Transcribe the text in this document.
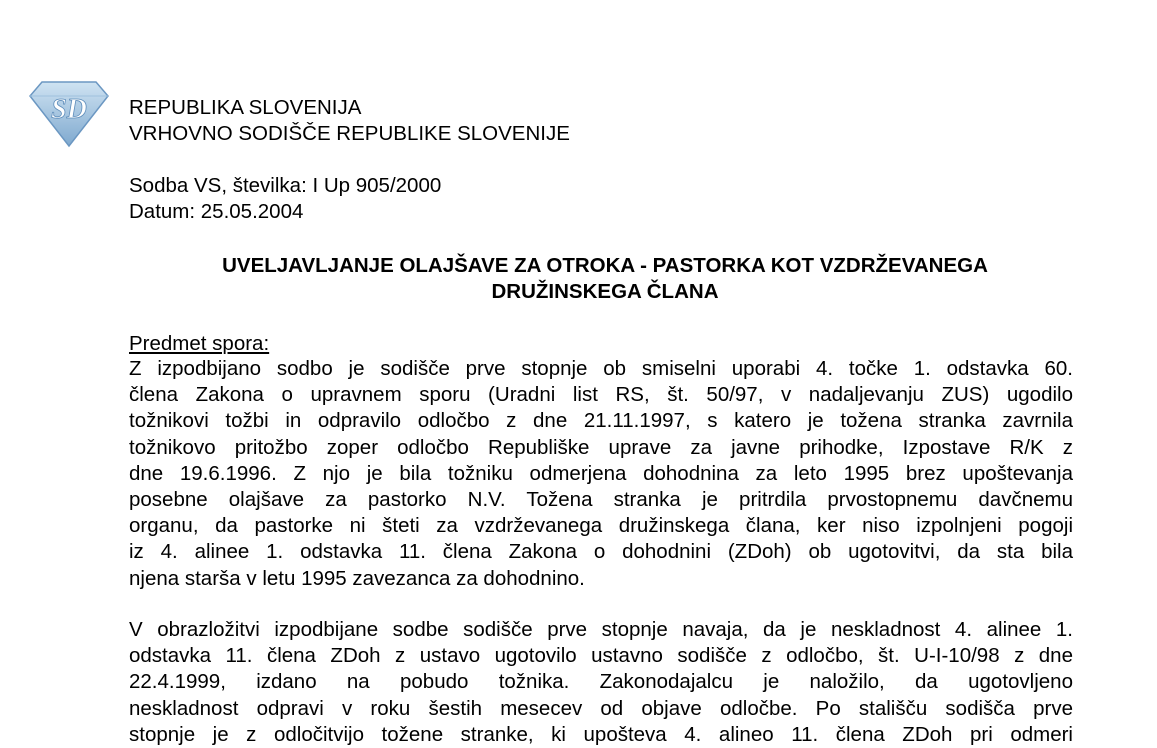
SD REPUBLIKA SLOVENIJA
VRHOVNO SODIŠČE REPUBLIKE SLOVENIJE
Sodba VS, številka: I Up 905/2000
Datum: 25.05.2004
UVELJAVLJANJE OLAJŠAVE ZA OTROKA - PASTORKA KOT VZDRŽEVANEGA
DRUŽINSKEGA ČLANA
Predmet spora:
Z izpodbijano sodbo je sodišče prve stopnje ob smiselni uporabi 4. točke 1. odstavka 60.
člena Zakona o upravnem sporu (Uradni list RS, št. 50/97, v nadaljevanju ZUS) ugodilo
tožnikovi tožbi in odpravilo odločbo z dne 21.11.1997, s katero je tožena stranka zavrnila
tožnikovo pritožbo zoper odločbo Republiške uprave za javne prihodke, Izpostave R/K z
dne 19.6.1996. Z njo je bila tožniku odmerjena dohodnina za leto 1995 brez upoštevanja
posebne olajšave za pastorko N.V. Tožena stranka je pritrdila prvostopnemu davčnemu
organu, da pastorke ni šteti za vzdrževanega družinskega člana, ker niso izpolnjeni pogoji
iz 4. alinee 1. odstavka 11. člena Zakona o dohodnini (ZDoh) ob ugotovitvi, da sta bila
njena starša v letu 1995 zavezanca za dohodnino.
V obrazložitvi izpodbijane sodbe sodišče prve stopnje navaja, da je neskladnost 4. alinee 1.
odstavka 11. člena ZDoh z ustavo ugotovilo ustavno sodišče z odločbo, št. U-I-10/98 z dne
22.4.1999, izdano na pobudo tožnika. Zakonodajalcu je naložilo, da ugotovljeno
neskladnost odpravi v roku šestih mesecev od objave odločbe. Po stališču sodišča prve
stopnje je z odločitvijo tožene stranke, ki upošteva 4. alineo 11. člena ZDoh pri odmeri
